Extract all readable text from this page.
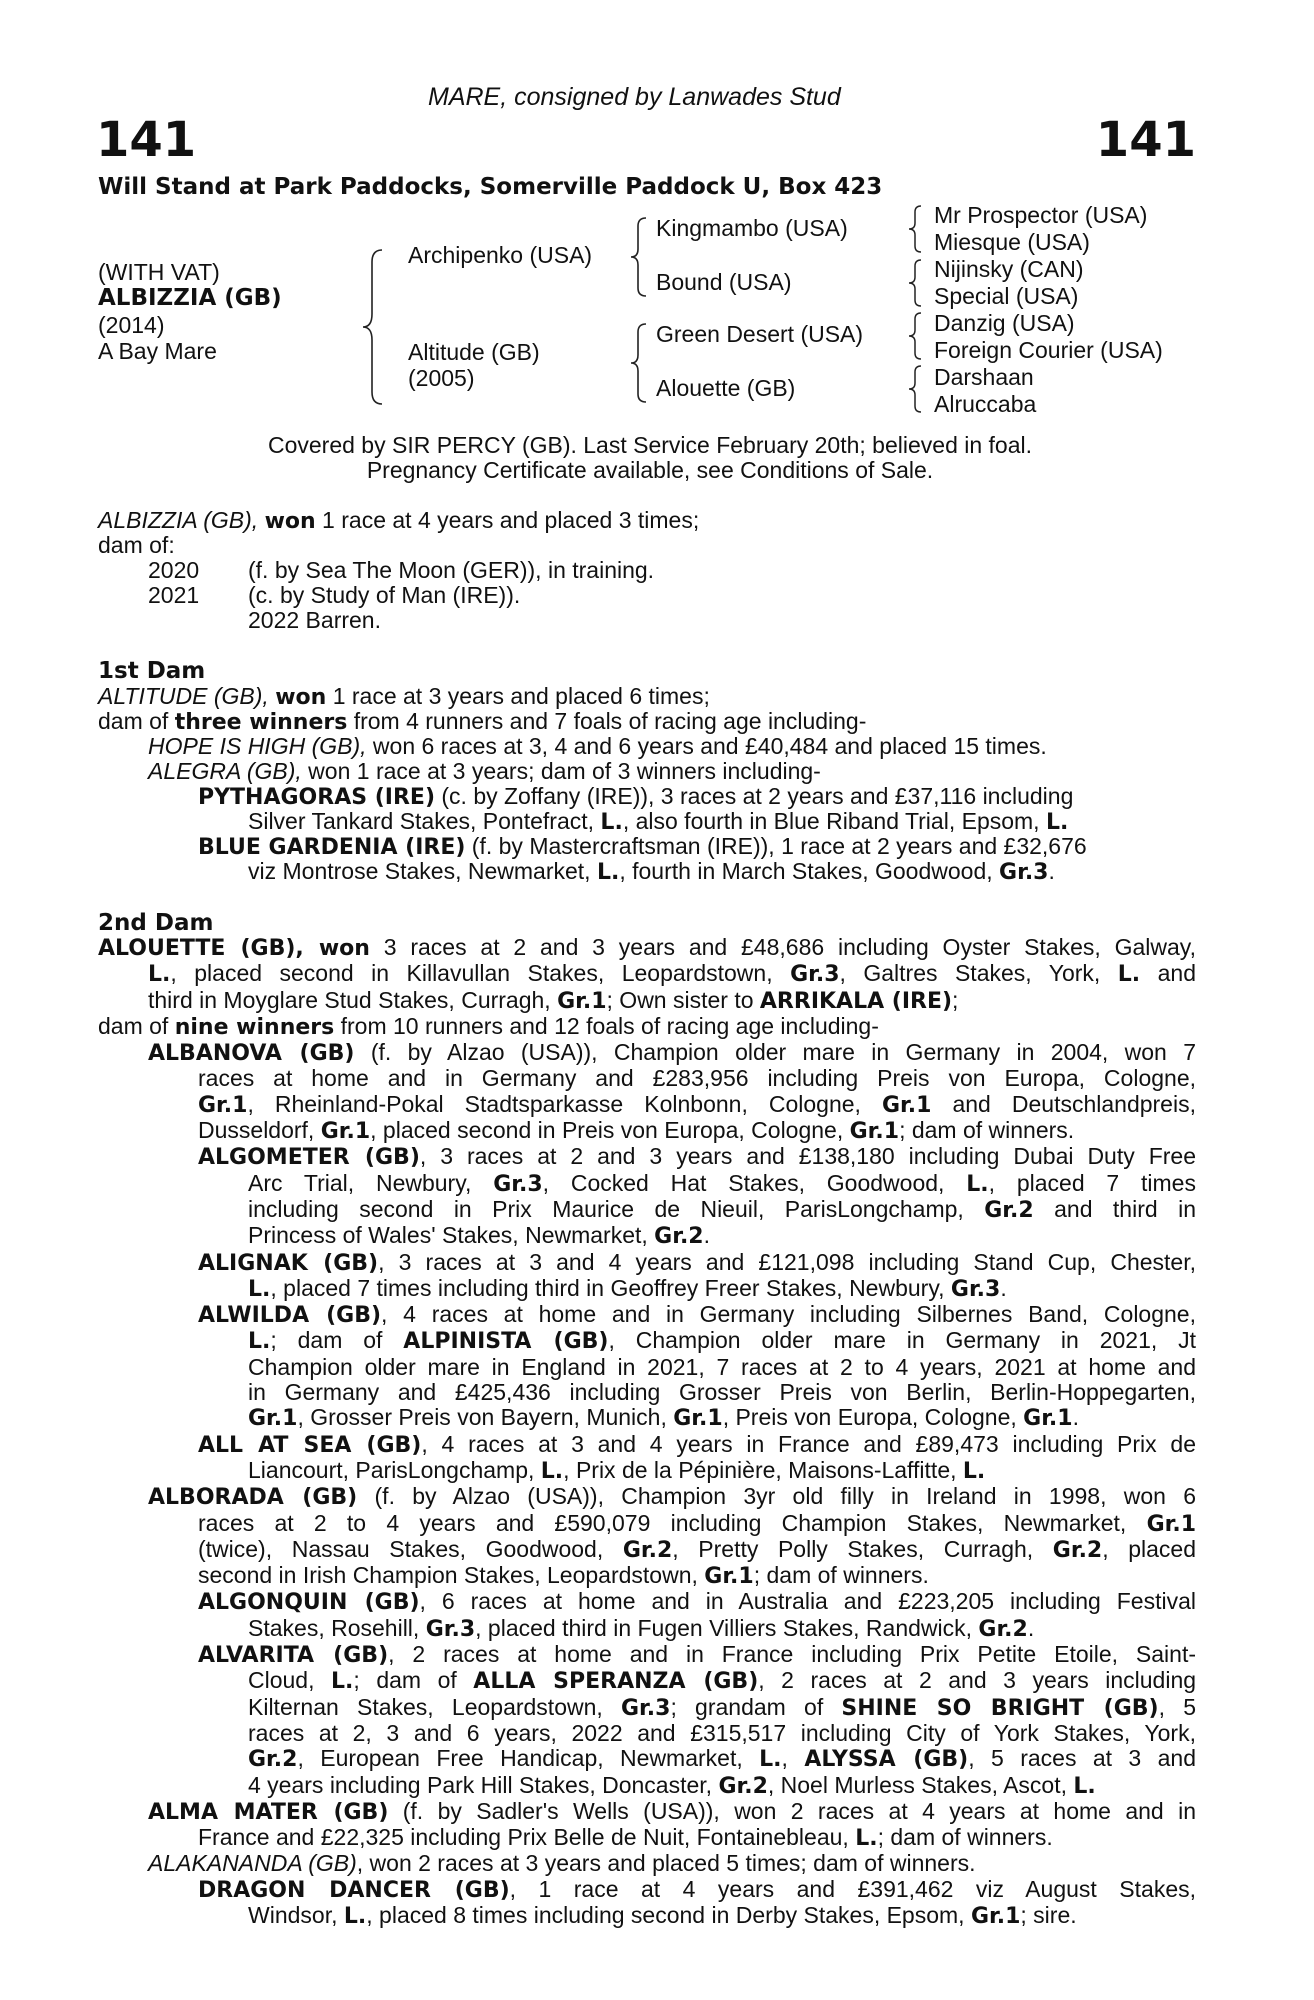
141	141
MARE, consigned by Lanwades Stud
Will Stand at Park Paddocks, Somerville Paddock U, Box 423
(WITH VAT)
ALBIZZIA (GB)
(2014)
A Bay Mare
Archipenko (USA)
Altitude (GB)
(2005)
Kingmambo (USA)
Bound (USA)
Green Desert (USA)
Alouette (GB)
Mr Prospector (USA)
Miesque (USA)
Nijinsky (CAN)
Special (USA)
Danzig (USA)
Foreign Courier (USA)
Darshaan
Alruccaba
Covered by SIR PERCY (GB). Last Service February 20th; believed in foal.
Pregnancy Certificate available, see Conditions of Sale.
ALBIZZIA (GB), won 1 race at 4 years and placed 3 times;
dam of:
2020 (f. by Sea The Moon (GER)), in training.
2021 (c. by Study of Man (IRE)).
2022 Barren.
1st Dam
ALTITUDE (GB), won 1 race at 3 years and placed 6 times;
dam of three winners from 4 runners and 7 foals of racing age including-
HOPE IS HIGH (GB), won 6 races at 3, 4 and 6 years and £40,484 and placed 15 times.
ALEGRA (GB), won 1 race at 3 years; dam of 3 winners including-
PYTHAGORAS (IRE) (c. by Zoffany (IRE)), 3 races at 2 years and £37,116 including
Silver Tankard Stakes, Pontefract, L., also fourth in Blue Riband Trial, Epsom, L.
BLUE GARDENIA (IRE) (f. by Mastercraftsman (IRE)), 1 race at 2 years and £32,676
viz Montrose Stakes, Newmarket, L., fourth in March Stakes, Goodwood, Gr.3.
2nd Dam
ALOUETTE (GB), won 3 races at 2 and 3 years and £48,686 including Oyster Stakes, Galway,
L., placed second in Killavullan Stakes, Leopardstown, Gr.3, Galtres Stakes, York, L. and
third in Moyglare Stud Stakes, Curragh, Gr.1; Own sister to ARRIKALA (IRE);
dam of nine winners from 10 runners and 12 foals of racing age including-
ALBANOVA (GB) (f. by Alzao (USA)), Champion older mare in Germany in 2004, won 7
races at home and in Germany and £283,956 including Preis von Europa, Cologne,
Gr.1, Rheinland-Pokal Stadtsparkasse Kolnbonn, Cologne, Gr.1 and Deutschlandpreis,
Dusseldorf, Gr.1, placed second in Preis von Europa, Cologne, Gr.1; dam of winners.
ALGOMETER (GB), 3 races at 2 and 3 years and £138,180 including Dubai Duty Free
Arc Trial, Newbury, Gr.3, Cocked Hat Stakes, Goodwood, L., placed 7 times
including second in Prix Maurice de Nieuil, ParisLongchamp, Gr.2 and third in
Princess of Wales' Stakes, Newmarket, Gr.2.
ALIGNAK (GB), 3 races at 3 and 4 years and £121,098 including Stand Cup, Chester,
L., placed 7 times including third in Geoffrey Freer Stakes, Newbury, Gr.3.
ALWILDA (GB), 4 races at home and in Germany including Silbernes Band, Cologne,
L.; dam of ALPINISTA (GB), Champion older mare in Germany in 2021, Jt
Champion older mare in England in 2021, 7 races at 2 to 4 years, 2021 at home and
in Germany and £425,436 including Grosser Preis von Berlin, Berlin-Hoppegarten,
Gr.1, Grosser Preis von Bayern, Munich, Gr.1, Preis von Europa, Cologne, Gr.1.
ALL AT SEA (GB), 4 races at 3 and 4 years in France and £89,473 including Prix de
Liancourt, ParisLongchamp, L., Prix de la Pépinière, Maisons-Laffitte, L.
ALBORADA (GB) (f. by Alzao (USA)), Champion 3yr old filly in Ireland in 1998, won 6
races at 2 to 4 years and £590,079 including Champion Stakes, Newmarket, Gr.1
(twice), Nassau Stakes, Goodwood, Gr.2, Pretty Polly Stakes, Curragh, Gr.2, placed
second in Irish Champion Stakes, Leopardstown, Gr.1; dam of winners.
ALGONQUIN (GB), 6 races at home and in Australia and £223,205 including Festival
Stakes, Rosehill, Gr.3, placed third in Fugen Villiers Stakes, Randwick, Gr.2.
ALVARITA (GB), 2 races at home and in France including Prix Petite Etoile, Saint-
Cloud, L.; dam of ALLA SPERANZA (GB), 2 races at 2 and 3 years including
Kilternan Stakes, Leopardstown, Gr.3; grandam of SHINE SO BRIGHT (GB), 5
races at 2, 3 and 6 years, 2022 and £315,517 including City of York Stakes, York,
Gr.2, European Free Handicap, Newmarket, L., ALYSSA (GB), 5 races at 3 and
4 years including Park Hill Stakes, Doncaster, Gr.2, Noel Murless Stakes, Ascot, L.
ALMA MATER (GB) (f. by Sadler's Wells (USA)), won 2 races at 4 years at home and in
France and £22,325 including Prix Belle de Nuit, Fontainebleau, L.; dam of winners.
ALAKANANDA (GB), won 2 races at 3 years and placed 5 times; dam of winners.
DRAGON DANCER (GB), 1 race at 4 years and £391,462 viz August Stakes,
Windsor, L., placed 8 times including second in Derby Stakes, Epsom, Gr.1; sire.
